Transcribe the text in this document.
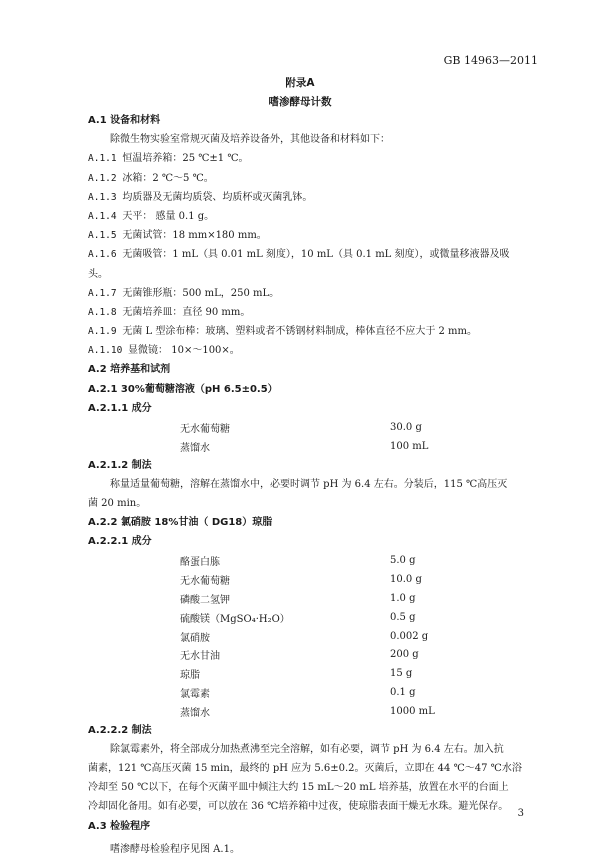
GB 14963—2011
附录A
嗜渗酵母计数
A.1 设备和材料
除微生物实验室常规灭菌及培养设备外，其他设备和材料如下：
A.1.1 恒温培养箱：25 ℃±1 ℃。
A.1.2 冰箱：2 ℃～5 ℃。
A.1.3 均质器及无菌均质袋、均质杯或灭菌乳钵。
A.1.4 天平： 感量 0.1 g。
A.1.5 无菌试管：18 mm×180 mm。
A.1.6 无菌吸管：1 mL（具 0.01 mL 刻度），10 mL（具 0.1 mL 刻度），或微量移液器及吸
头。
A.1.7 无菌锥形瓶：500 mL，250 mL。
A.1.8 无菌培养皿：直径 90 mm。
A.1.9 无菌 L 型涂布棒：玻璃、塑料或者不锈钢材料制成，棒体直径不应大于 2 mm。
A.1.10 显微镜： 10×～100×。
A.2 培养基和试剂
A.2.1 30%葡萄糖溶液（pH 6.5±0.5）
A.2.1.1 成分
无水葡萄糖	30.0 g
蒸馏水	100 mL
A.2.1.2 制法
称量适量葡萄糖，溶解在蒸馏水中，必要时调节 pH 为 6.4 左右。分装后，115 ℃高压灭
菌 20 min。
A.2.2 氯硝胺 18%甘油（ DG18）琼脂
A.2.2.1 成分
酪蛋白胨	5.0 g
无水葡萄糖	10.0 g
磷酸二氢钾	1.0 g
硫酸镁（MgSO₄·H₂O）	0.5 g
氯硝胺	0.002 g
无水甘油	200 g
琼脂	15 g
氯霉素	0.1 g
蒸馏水	1000 mL
A.2.2.2 制法
除氯霉素外，将全部成分加热煮沸至完全溶解，如有必要，调节 pH 为 6.4 左右。加入抗
菌素，121 ℃高压灭菌 15 min，最终的 pH 应为 5.6±0.2。灭菌后，立即在 44 ℃～47 ℃水浴
冷却至 50 ℃以下，在每个灭菌平皿中倾注大约 15 mL～20 mL 培养基，放置在水平的台面上
冷却固化备用。如有必要，可以放在 36 ℃培养箱中过夜，使琼脂表面干燥无水珠。避光保存。
A.3 检验程序
嗜渗酵母检验程序见图 A.1。
3
